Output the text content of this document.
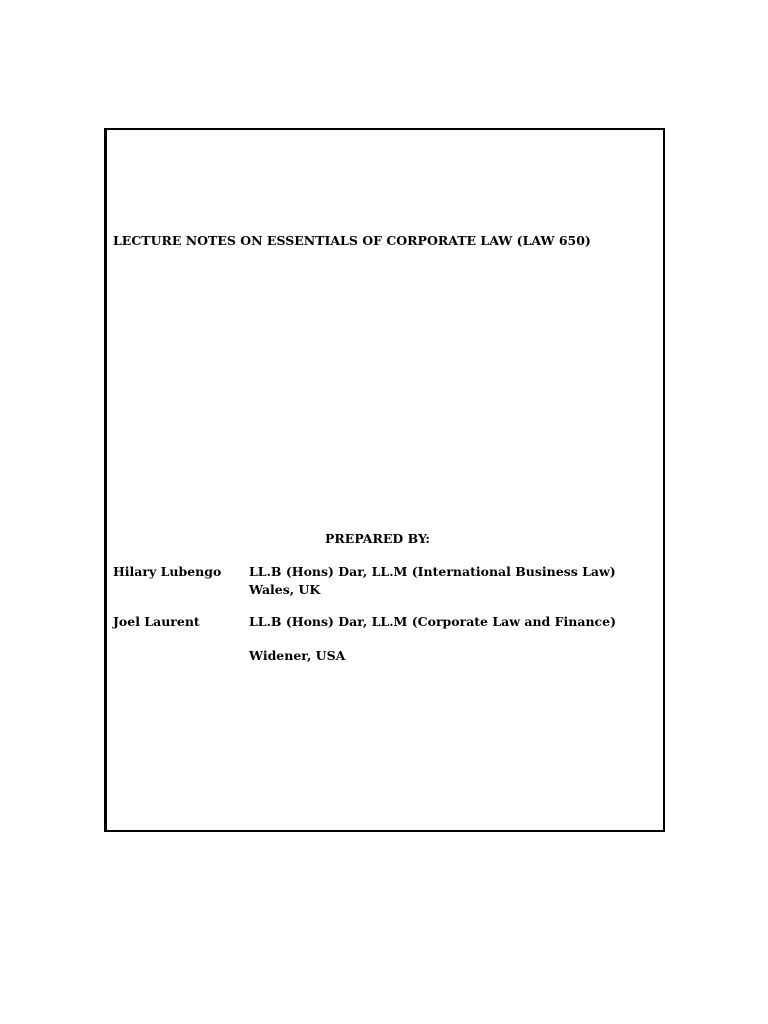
LECTURE NOTES ON ESSENTIALS OF CORPORATE LAW (LAW 650)
PREPARED BY:
Hilary Lubengo LL.B (Hons) Dar, LL.M (International Business Law)
Wales, UK
Joel Laurent	LL.B (Hons) Dar, LL.M (Corporate Law and Finance)
Widener, USA
